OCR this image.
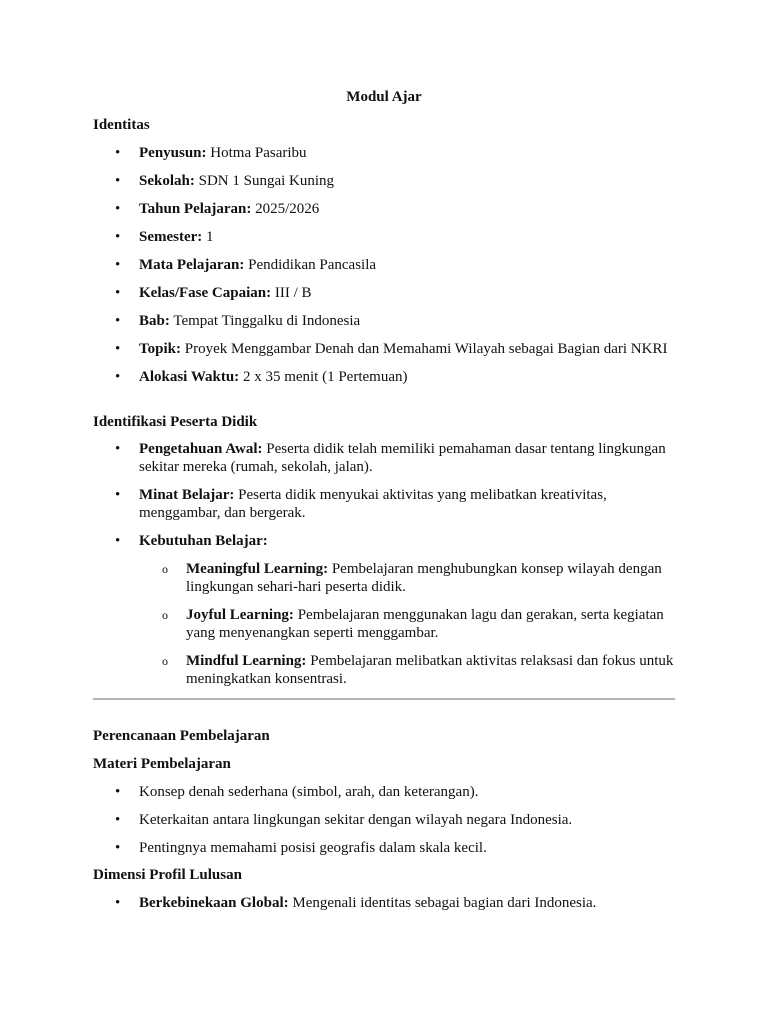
Modul Ajar
Identitas
• Penyusun: Hotma Pasaribu
• Sekolah: SDN 1 Sungai Kuning
• Tahun Pelajaran: 2025/2026
• Semester: 1
• Mata Pelajaran: Pendidikan Pancasila
• Kelas/Fase Capaian: III / B
• Bab: Tempat Tinggalku di Indonesia
• Topik: Proyek Menggambar Denah dan Memahami Wilayah sebagai Bagian dari NKRI
• Alokasi Waktu: 2 x 35 menit (1 Pertemuan)
Identifikasi Peserta Didik
• Pengetahuan Awal: Peserta didik telah memiliki pemahaman dasar tentang lingkungan sekitar mereka (rumah, sekolah, jalan).
• Minat Belajar: Peserta didik menyukai aktivitas yang melibatkan kreativitas, menggambar, dan bergerak.
• Kebutuhan Belajar:
o Meaningful Learning: Pembelajaran menghubungkan konsep wilayah dengan lingkungan sehari-hari peserta didik.
o Joyful Learning: Pembelajaran menggunakan lagu dan gerakan, serta kegiatan yang menyenangkan seperti menggambar.
o Mindful Learning: Pembelajaran melibatkan aktivitas relaksasi dan fokus untuk meningkatkan konsentrasi.
Perencanaan Pembelajaran
Materi Pembelajaran
• Konsep denah sederhana (simbol, arah, dan keterangan).
• Keterkaitan antara lingkungan sekitar dengan wilayah negara Indonesia.
• Pentingnya memahami posisi geografis dalam skala kecil.
Dimensi Profil Lulusan
• Berkebinekaan Global: Mengenali identitas sebagai bagian dari Indonesia.
